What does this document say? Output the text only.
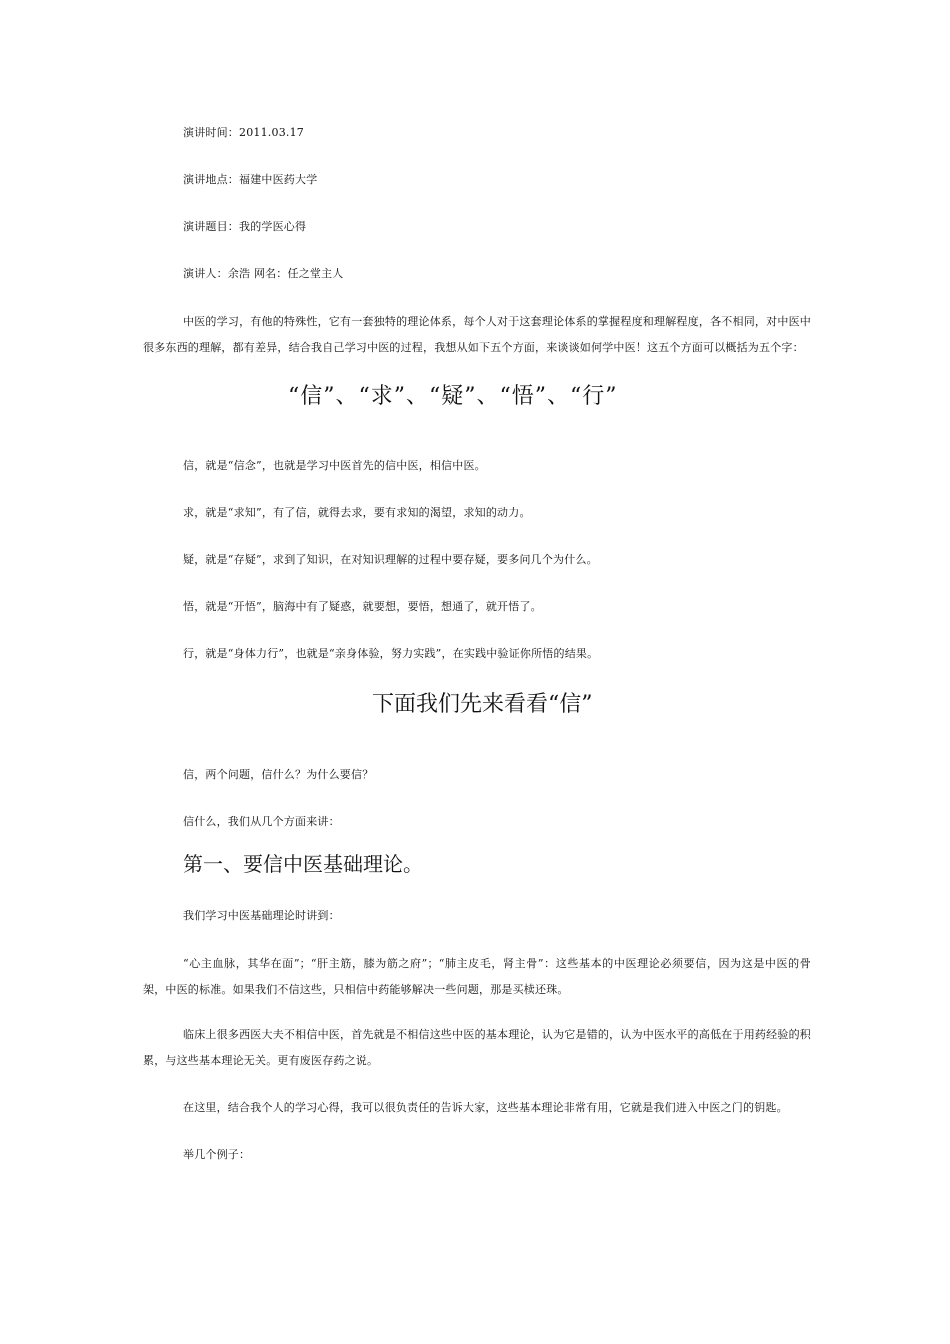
演讲时间：2011.03.17
演讲地点：福建中医药大学
演讲题目：我的学医心得
演讲人：余浩 网名：任之堂主人
中医的学习，有他的特殊性，它有一套独特的理论体系，每个人对于这套理论体系的掌握程度和理解程度，各不相同，对中医中很多东西的理解，都有差异，结合我自己学习中医的过程，我想从如下五个方面，来谈谈如何学中医！这五个方面可以概括为五个字：
“信”、“求”、“疑”、“悟”、“行”
信，就是“信念”，也就是学习中医首先的信中医，相信中医。
求，就是“求知”，有了信，就得去求，要有求知的渴望，求知的动力。
疑，就是“存疑”，求到了知识，在对知识理解的过程中要存疑，要多问几个为什么。
悟，就是“开悟”，脑海中有了疑惑，就要想，要悟，想通了，就开悟了。
行，就是“身体力行”，也就是“亲身体验，努力实践”，在实践中验证你所悟的结果。
下面我们先来看看“信”
信，两个问题，信什么？为什么要信？
信什么，我们从几个方面来讲：
第一、要信中医基础理论。
我们学习中医基础理论时讲到：
“心主血脉，其华在面”；“肝主筋，膝为筋之府”；“肺主皮毛，肾主骨”：这些基本的中医理论必须要信，因为这是中医的骨架，中医的标准。如果我们不信这些，只相信中药能够解决一些问题，那是买椟还珠。
临床上很多西医大夫不相信中医，首先就是不相信这些中医的基本理论，认为它是错的，认为中医水平的高低在于用药经验的积累，与这些基本理论无关。更有废医存药之说。
在这里，结合我个人的学习心得，我可以很负责任的告诉大家，这些基本理论非常有用，它就是我们进入中医之门的钥匙。
举几个例子：
